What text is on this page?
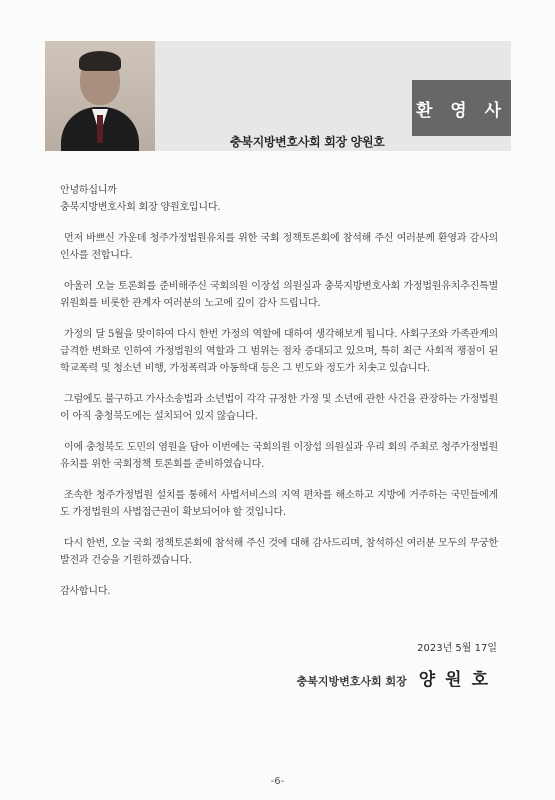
환 영 사
충북지방변호사회 회장 양원호

안녕하십니까

충북지방변호사회 회장 양원호입니다.

먼저 바쁘신 가운데 청주가정법원유치를 위한 국회 정책토론회에 참석해 주신 여러분께 환영과 감사의 인사를 전합니다.

아울러 오늘 토론회를 준비해주신 국회의원 이장섭 의원실과 충북지방변호사회 가정법원유치추진특별위원회를 비롯한 관계자 여러분의 노고에 깊이 감사 드립니다.

가정의 달 5월을 맞이하여 다시 한번 가정의 역할에 대하여 생각해보게 됩니다. 사회구조와 가족관계의 급격한 변화로 인하여 가정법원의 역할과 그 범위는 점차 증대되고 있으며, 특히 최근 사회적 쟁점이 된 학교폭력 및 청소년 비행, 가정폭력과 아동학대 등은 그 빈도와 정도가 치솟고 있습니다.

그럼에도 불구하고 가사소송법과 소년법이 각각 규정한 가정 및 소년에 관한 사건을 관장하는 가정법원이 아직 충청북도에는 설치되어 있지 않습니다.

이에 충청북도 도민의 염원을 담아 이번에는 국회의원 이장섭 의원실과 우리 회의 주최로 청주가정법원 유치를 위한 국회정책 토론회를 준비하였습니다.

조속한 청주가정법원 설치를 통해서 사법서비스의 지역 편차를 해소하고 지방에 거주하는 국민들에게도 가정법원의 사법접근권이 확보되어야 할 것입니다.

다시 한번, 오늘 국회 정책토론회에 참석해 주신 것에 대해 감사드리며, 참석하신 여러분 모두의 무궁한 발전과 건승을 기원하겠습니다.

감사합니다.

2023년 5월 17일
충북지방변호사회 회장 양원호
-6-
